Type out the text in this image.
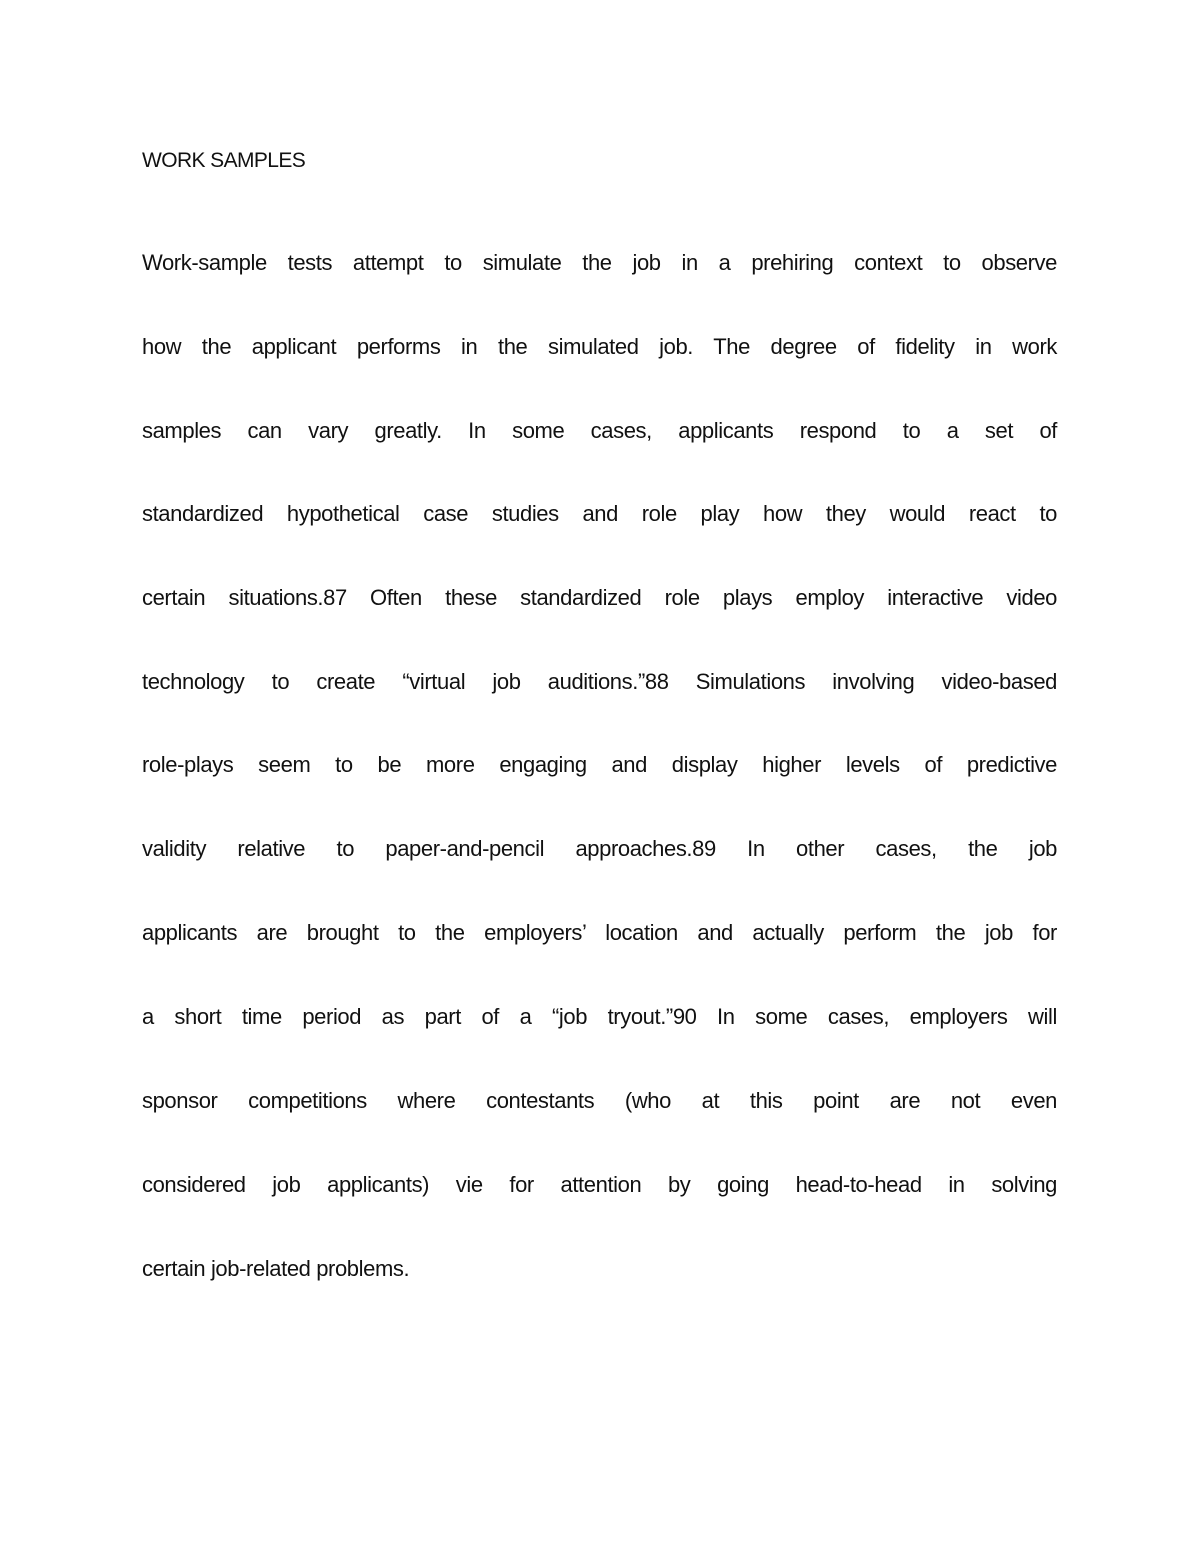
WORK SAMPLES
Work-sample tests attempt to simulate the job in a prehiring context to observe
how the applicant performs in the simulated job. The degree of fidelity in work
samples can vary greatly. In some cases, applicants respond to a set of
standardized hypothetical case studies and role play how they would react to
certain situations.87 Often these standardized role plays employ interactive video
technology to create “virtual job auditions.”88 Simulations involving video-based
role-plays seem to be more engaging and display higher levels of predictive
validity relative to paper-and-pencil approaches.89 In other cases, the job
applicants are brought to the employers’ location and actually perform the job for
a short time period as part of a “job tryout.”90 In some cases, employers will
sponsor competitions where contestants (who at this point are not even
considered job applicants) vie for attention by going head-to-head in solving
certain job-related problems.
